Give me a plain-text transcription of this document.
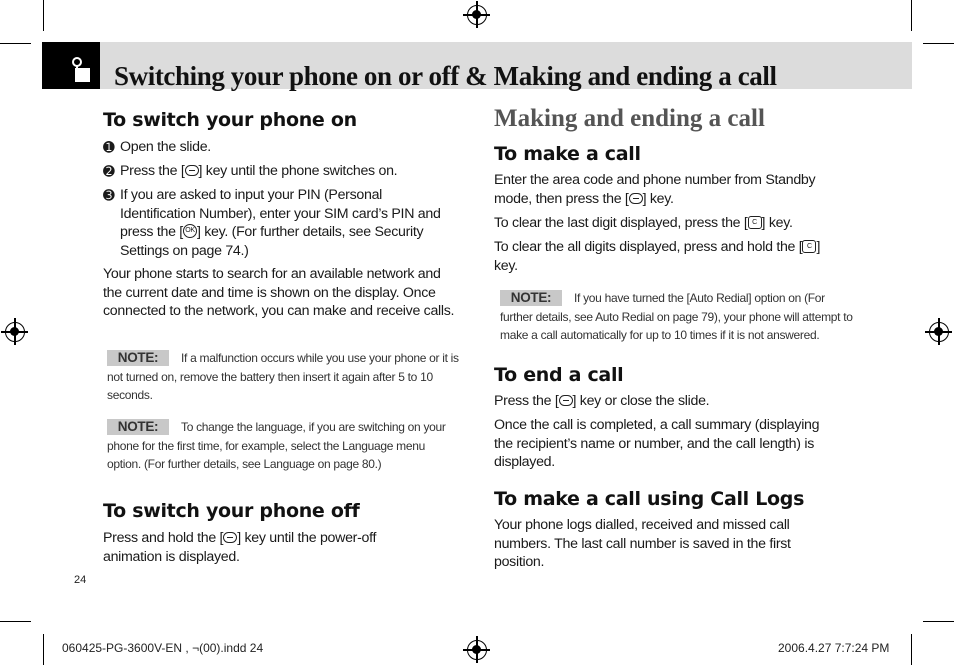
Switching your phone on or off & Making and ending a call
To switch your phone on
➊ Open the slide.
➋ Press the [ ] key until the phone switches on.
➌ If you are asked to input your PIN (Personal Identification Number), enter your SIM card’s PIN and press the [ OK ] key. (For further details, see Security Settings on page 74.)
Your phone starts to search for an available network and the current date and time is shown on the display. Once connected to the network, you can make and receive calls.
NOTE: If a malfunction occurs while you use your phone or it is not turned on, remove the battery then insert it again after 5 to 10 seconds.
NOTE: To change the language, if you are switching on your phone for the first time, for example, select the Language menu option. (For further details, see Language on page 80.)
To switch your phone off
Press and hold the [ ] key until the power-off animation is displayed.
24
Making and ending a call
To make a call
Enter the area code and phone number from Standby mode, then press the [ ] key.
To clear the last digit displayed, press the [ C ] key.
To clear the all digits displayed, press and hold the [ C ] key.
NOTE: If you have turned the [Auto Redial] option on (For further details, see Auto Redial on page 79), your phone will attempt to make a call automatically for up to 10 times if it is not answered.
To end a call
Press the [ ] key or close the slide.
Once the call is completed, a call summary (displaying the recipient’s name or number, and the call length) is displayed.
To make a call using Call Logs
Your phone logs dialled, received and missed call numbers. The last call number is saved in the first position.
060425-PG-3600V-EN , ¬(00).indd 24	2006.4.27 7:7:24 PM
